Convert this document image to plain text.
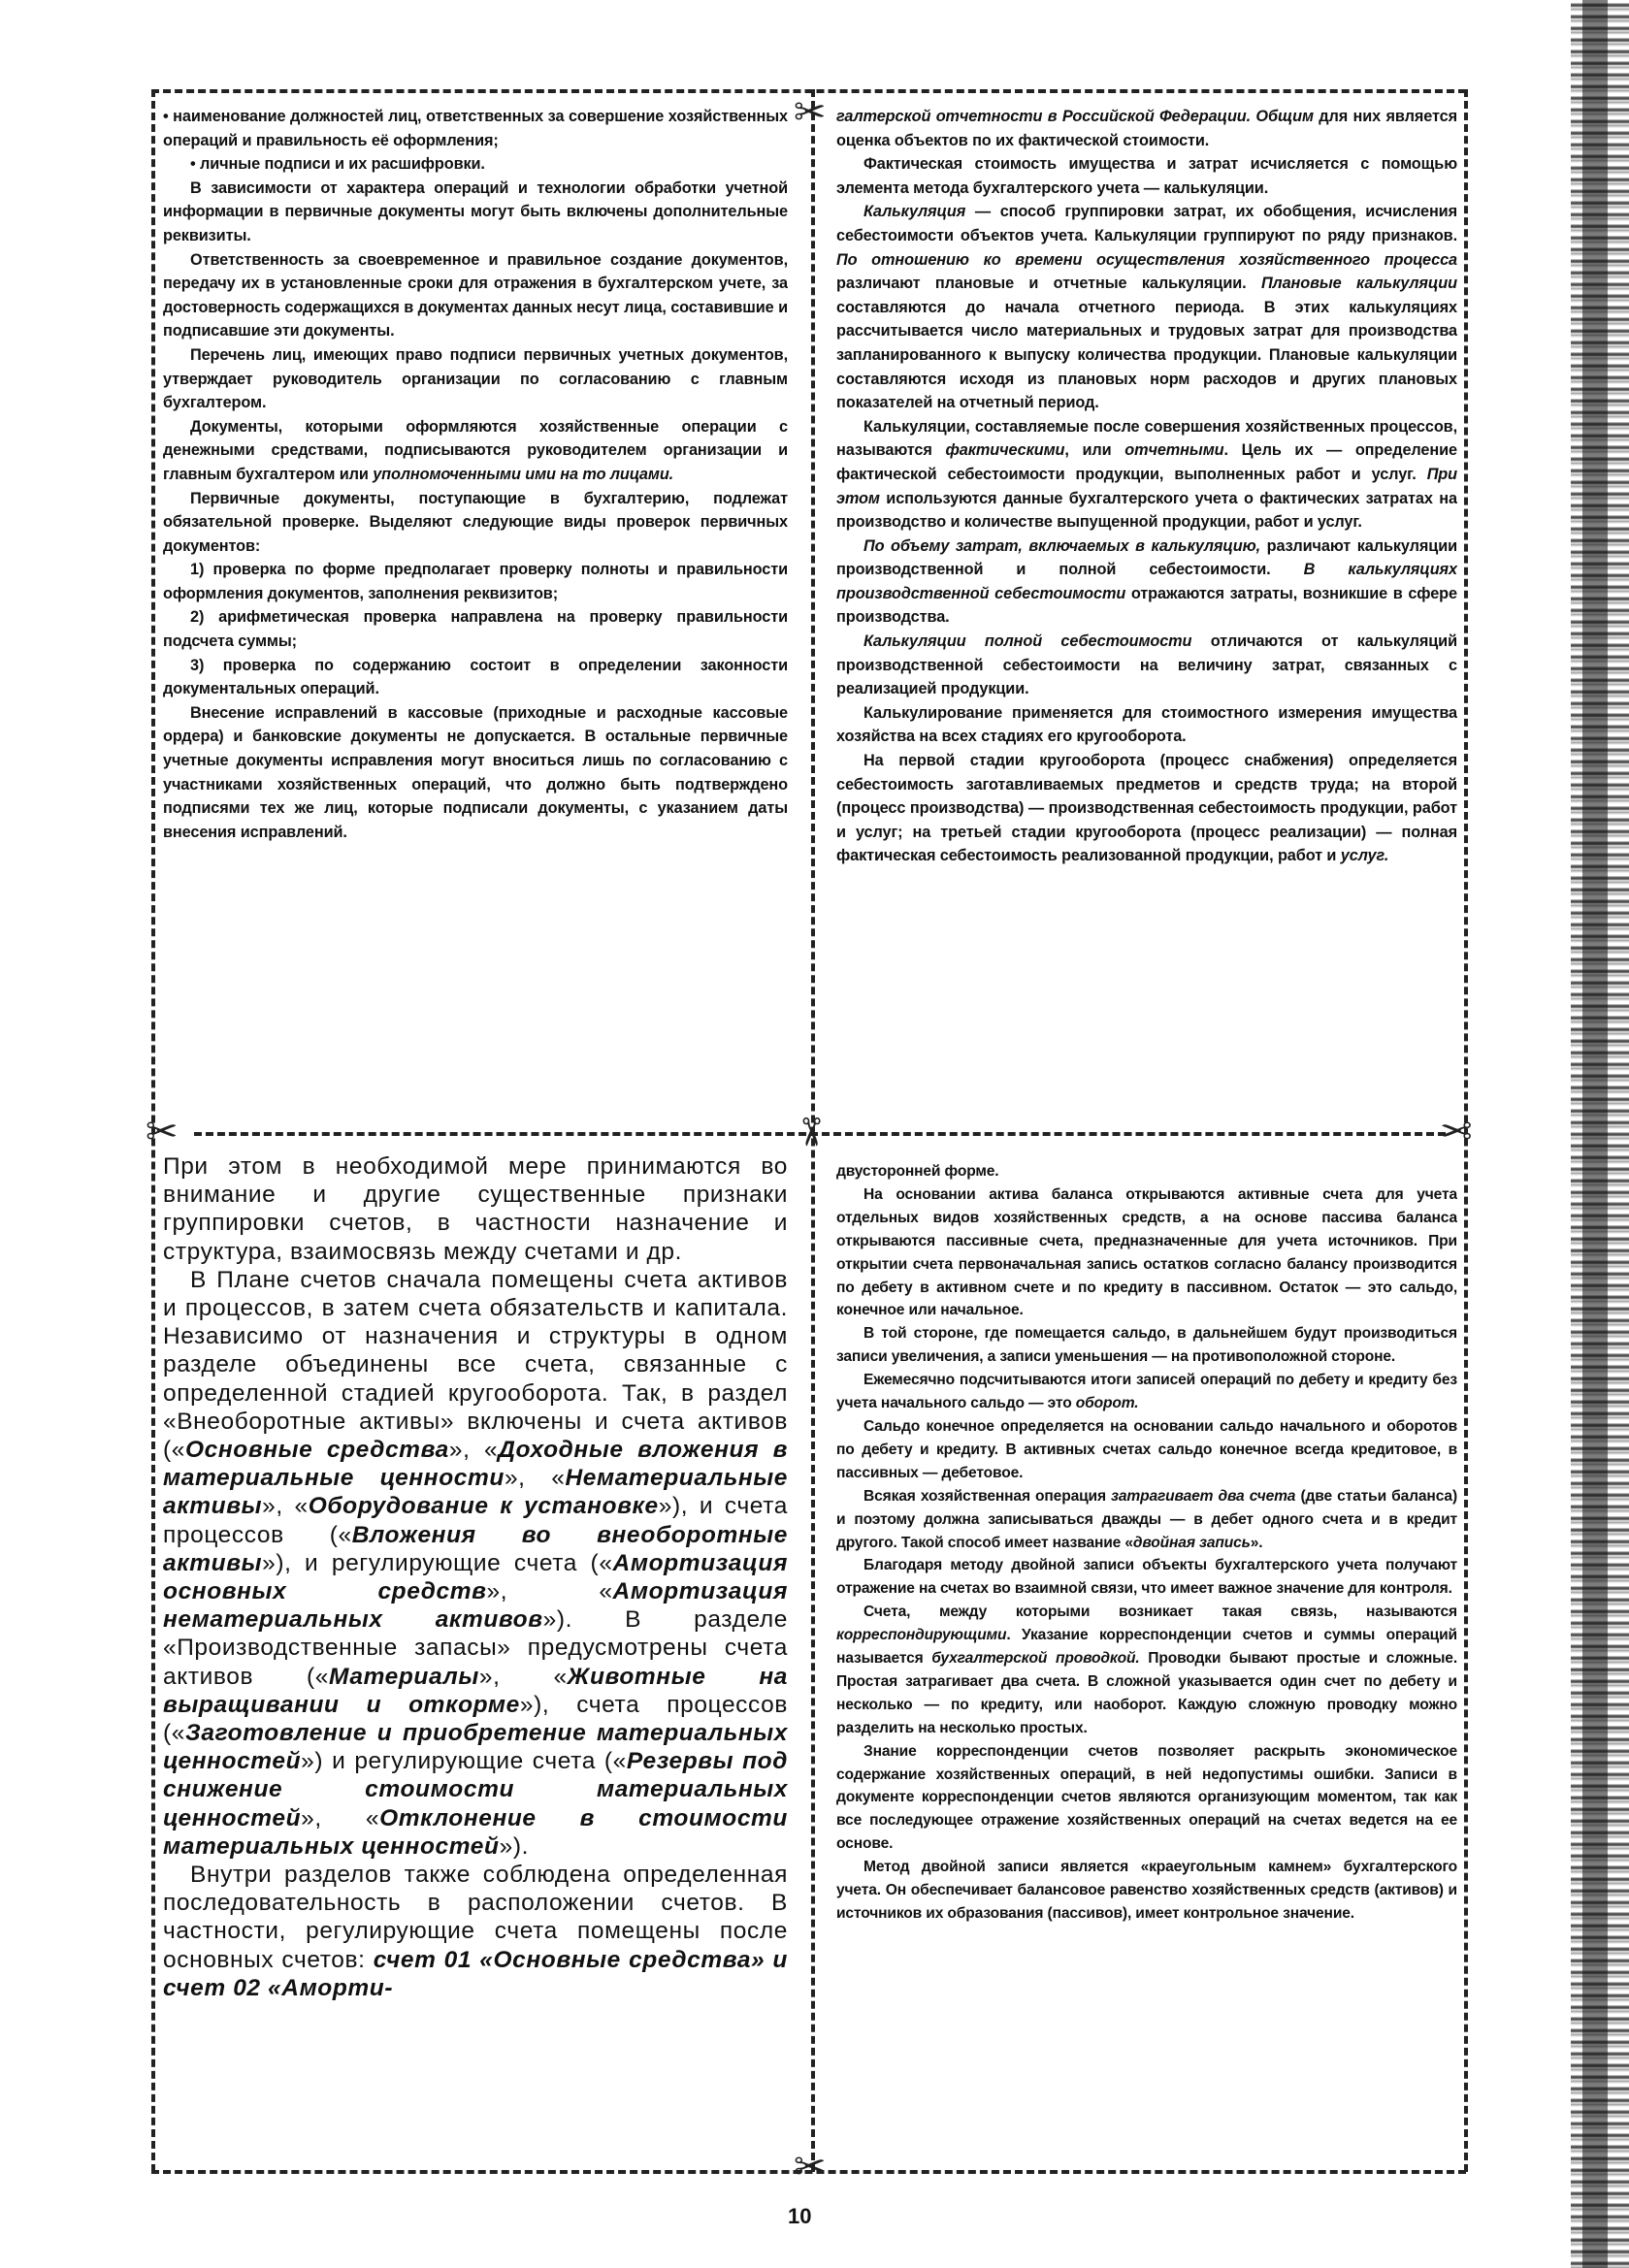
✂
✂	✂	✂
✂

• наименование должностей лиц, ответственных за совершение хозяйственных операций и правильность её оформления;

• личные подписи и их расшифровки.

В зависимости от характера операций и технологии обработки учетной информации в первичные документы могут быть включены дополнительные реквизиты.

Ответственность за своевременное и правильное создание документов, передачу их в установленные сроки для отражения в бухгалтерском учете, за достоверность содержащихся в документах данных несут лица, составившие и подписавшие эти документы.

Перечень лиц, имеющих право подписи первичных учетных документов, утверждает руководитель организации по согласованию с главным бухгалтером.

Документы, которыми оформляются хозяйственные операции с денежными средствами, подписываются руководителем организации и главным бухгалтером или уполномоченными ими на то лицами.

Первичные документы, поступающие в бухгалтерию, подлежат обязательной проверке. Выделяют следующие виды проверок первичных документов:

1) проверка по форме предполагает проверку полноты и правильности оформления документов, заполнения реквизитов;

2) арифметическая проверка направлена на проверку правильности подсчета суммы;

3) проверка по содержанию состоит в определении законности документальных операций.

Внесение исправлений в кассовые (приходные и расходные кассовые ордера) и банковские документы не допускается. В остальные первичные учетные документы исправления могут вноситься лишь по согласованию с участниками хозяйственных операций, что должно быть подтверждено подписями тех же лиц, которые подписали документы, с указанием даты внесения исправлений.

галтерской отчетности в Российской Федерации. Общим для них является оценка объектов по их фактической стоимости.

Фактическая стоимость имущества и затрат исчисляется с помощью элемента метода бухгалтерского учета — калькуляции.

Калькуляция — способ группировки затрат, их обобщения, исчисления себестоимости объектов учета. Калькуляции группируют по ряду признаков. По отношению ко времени осуществления хозяйственного процесса различают плановые и отчетные калькуляции. Плановые калькуляции составляются до начала отчетного периода. В этих калькуляциях рассчитывается число материальных и трудовых затрат для производства запланированного к выпуску количества продукции. Плановые калькуляции составляются исходя из плановых норм расходов и других плановых показателей на отчетный период.

Калькуляции, составляемые после совершения хозяйственных процессов, называются фактическими, или отчетными. Цель их — определение фактической себестоимости продукции, выполненных работ и услуг. При этом используются данные бухгалтерского учета о фактических затратах на производство и количестве выпущенной продукции, работ и услуг.

По объему затрат, включаемых в калькуляцию, различают калькуляции производственной и полной себестоимости. В калькуляциях производственной себестоимости отражаются затраты, возникшие в сфере производства.

Калькуляции полной себестоимости отличаются от калькуляций производственной себестоимости на величину затрат, связанных с реализацией продукции.

Калькулирование применяется для стоимостного измерения имущества хозяйства на всех стадиях его кругооборота.

На первой стадии кругооборота (процесс снабжения) определяется себестоимость заготавливаемых предметов и средств труда; на второй (процесс производства) — производственная себестоимость продукции, работ и услуг; на третьей стадии кругооборота (процесс реализации) — полная фактическая себестоимость реализованной продукции, работ и услуг.

При этом в необходимой мере принимаются во внимание и другие существенные признаки группировки счетов, в частности назначение и структура, взаимосвязь между счетами и др.

В Плане счетов сначала помещены счета активов и процессов, в затем счета обязательств и капитала. Независимо от назначения и структуры в одном разделе объединены все счета, связанные с определенной стадией кругооборота. Так, в раздел «Внеоборотные активы» включены и счета активов («Основные средства», «Доходные вложения в материальные ценности», «Нематериальные активы», «Оборудование к установке»), и счета процессов («Вложения во внеоборотные активы»), и регулирующие счета («Амортизация основных средств», «Амортизация нематериальных активов»). В разделе «Производственные запасы» предусмотрены счета активов («Материалы», «Животные на выращивании и откорме»), счета процессов («Заготовление и приобретение материальных ценностей») и регулирующие счета («Резервы под снижение стоимости материальных ценностей», «Отклонение в стоимости материальных ценностей»).

Внутри разделов также соблюдена определенная последовательность в расположении счетов. В частности, регулирующие счета помещены после основных счетов: счет 01 «Основные средства» и счет 02 «Аморти-

двусторонней форме.

На основании актива баланса открываются активные счета для учета отдельных видов хозяйственных средств, а на основе пассива баланса открываются пассивные счета, предназначенные для учета источников. При открытии счета первоначальная запись остатков согласно балансу производится по дебету в активном счете и по кредиту в пассивном. Остаток — это сальдо, конечное или начальное.

В той стороне, где помещается сальдо, в дальнейшем будут производиться записи увеличения, а записи уменьшения — на противоположной стороне.

Ежемесячно подсчитываются итоги записей операций по дебету и кредиту без учета начального сальдо — это оборот.

Сальдо конечное определяется на основании сальдо начального и оборотов по дебету и кредиту. В активных счетах сальдо конечное всегда кредитовое, в пассивных — дебетовое.

Всякая хозяйственная операция затрагивает два счета (две статьи баланса) и поэтому должна записываться дважды — в дебет одного счета и в кредит другого. Такой способ имеет название «двойная запись».

Благодаря методу двойной записи объекты бухгалтерского учета получают отражение на счетах во взаимной связи, что имеет важное значение для контроля.

Счета, между которыми возникает такая связь, называются корреспондирующими. Указание корреспонденции счетов и суммы операций называется бухгалтерской проводкой. Проводки бывают простые и сложные. Простая затрагивает два счета. В сложной указывается один счет по дебету и несколько — по кредиту, или наоборот. Каждую сложную проводку можно разделить на несколько простых.

Знание корреспонденции счетов позволяет раскрыть экономическое содержание хозяйственных операций, в ней недопустимы ошибки. Записи в документе корреспонденции счетов являются организующим моментом, так как все последующее отражение хозяйственных операций на счетах ведется на ее основе.

Метод двойной записи является «краеугольным камнем» бухгалтерского учета. Он обеспечивает балансовое равенство хозяйственных средств (активов) и источников их образования (пассивов), имеет контрольное значение.

10
